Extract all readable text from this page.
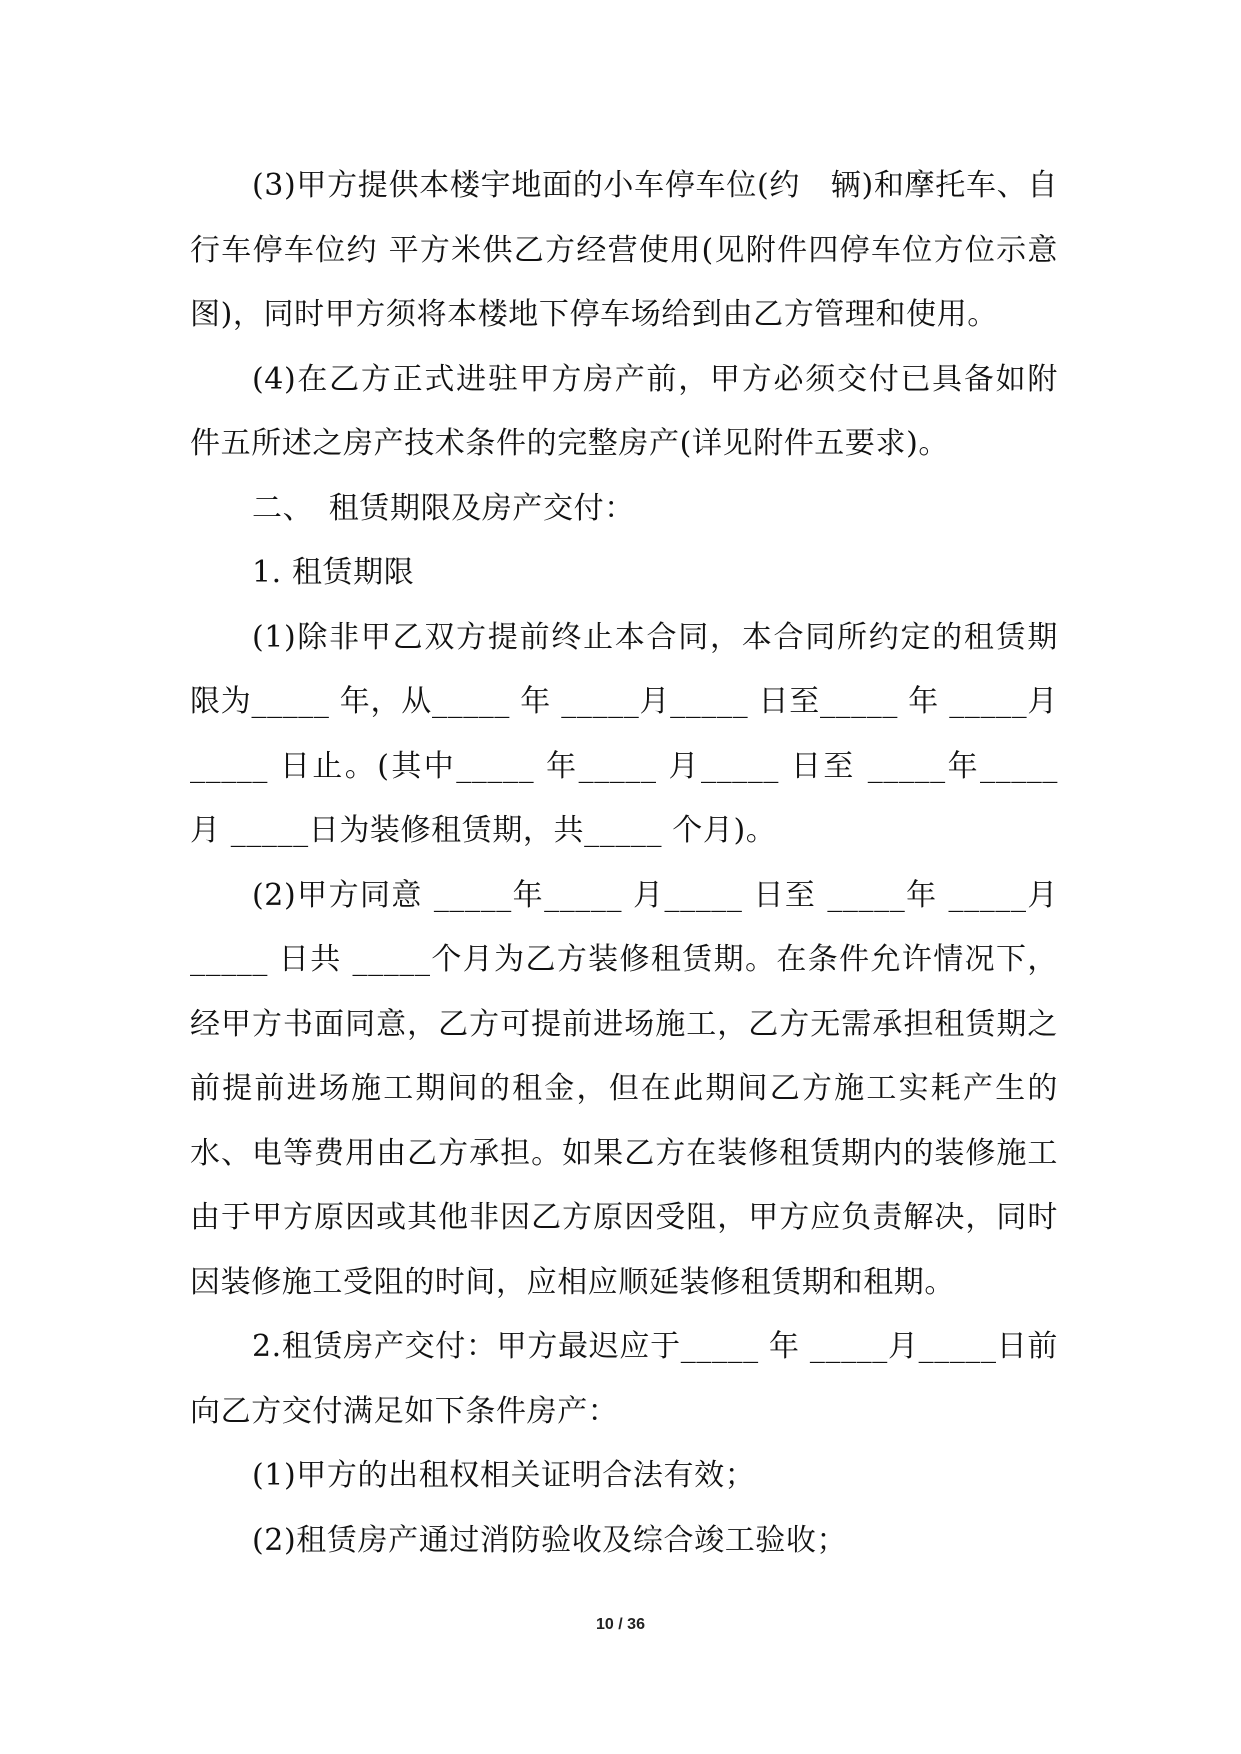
(3)甲方提供本楼宇地面的小车停车位(约　辆)和摩托车、自行车停车位约 平方米供乙方经营使用(见附件四停车位方位示意图)，同时甲方须将本楼地下停车场给到由乙方管理和使用。

(4)在乙方正式进驻甲方房产前，甲方必须交付已具备如附件五所述之房产技术条件的完整房产(详见附件五要求)。

二、　租赁期限及房产交付：

1. 租赁期限

(1)除非甲乙双方提前终止本合同，本合同所约定的租赁期限为_____ 年，从_____ 年 _____月_____ 日至_____ 年 _____月_____ 日止。(其中_____ 年_____ 月_____ 日至 _____年_____ 月 _____日为装修租赁期，共_____ 个月)。

(2)甲方同意 _____年_____ 月_____ 日至 _____年 _____月_____ 日共 _____个月为乙方装修租赁期。在条件允许情况下，经甲方书面同意，乙方可提前进场施工，乙方无需承担租赁期之前提前进场施工期间的租金，但在此期间乙方施工实耗产生的水、电等费用由乙方承担。如果乙方在装修租赁期内的装修施工由于甲方原因或其他非因乙方原因受阻，甲方应负责解决，同时因装修施工受阻的时间，应相应顺延装修租赁期和租期。

2.租赁房产交付：甲方最迟应于_____ 年 _____月_____日前向乙方交付满足如下条件房产：

(1)甲方的出租权相关证明合法有效；

(2)租赁房产通过消防验收及综合竣工验收；

10 / 36
